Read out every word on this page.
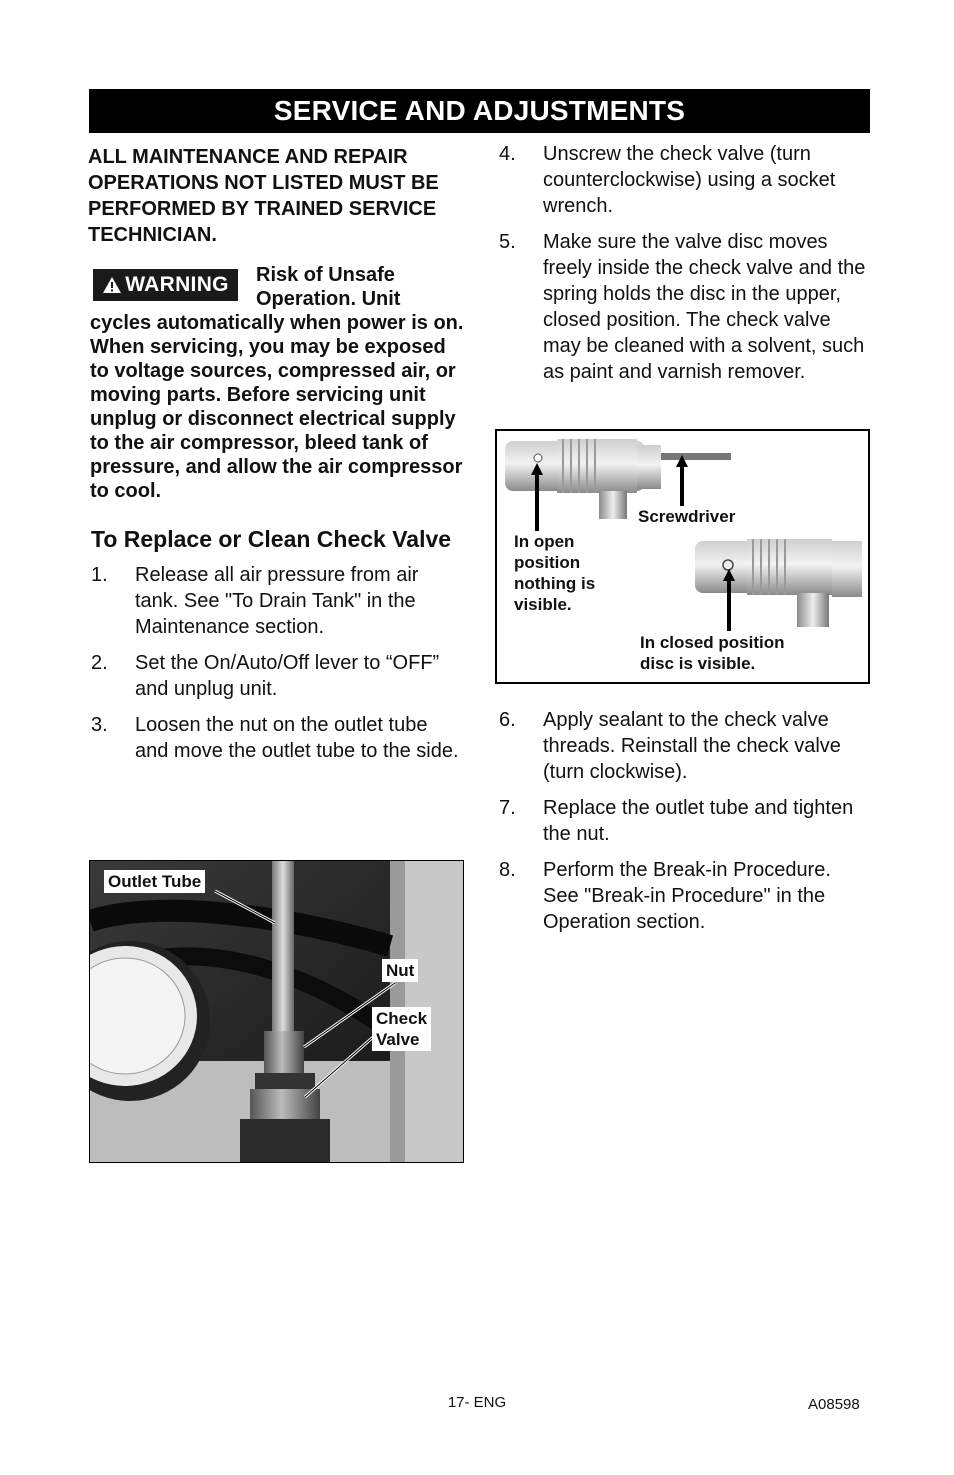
SERVICE AND ADJUSTMENTS

ALL MAINTENANCE AND REPAIR OPERATIONS NOT LISTED MUST BE PERFORMED BY TRAINED SERVICE TECHNICIAN.

WARNING	Risk of Unsafe Operation. Unit cycles automatically when power is on. When servicing, you may be exposed to voltage sources, compressed air, or moving parts. Before servicing unit unplug or disconnect electrical supply to the air compressor, bleed tank of pressure, and allow the air compressor to cool.

To Replace or Clean Check Valve
1. Release all air pressure from air tank. See "To Drain Tank" in the Maintenance section.
2. Set the On/Auto/Off lever to “OFF” and unplug unit.
3. Loosen the nut on the outlet tube and move the outlet tube to the side.
Outlet Tube
Nut
Check
Valve
4. Unscrew the check valve (turn counterclockwise) using a socket wrench.
5. Make sure the valve disc moves freely inside the check valve and the spring holds the disc in the upper, closed position. The check valve may be cleaned with a solvent, such as paint and varnish remover.
Screwdriver
In open
position
nothing is
visible.
In closed position
disc is visible.
6. Apply sealant to the check valve threads. Reinstall the check valve (turn clockwise).
7. Replace the outlet tube and tighten the nut.
8. Perform the Break-in Procedure. See "Break-in Procedure" in the Operation section.
17- ENG	A08598
